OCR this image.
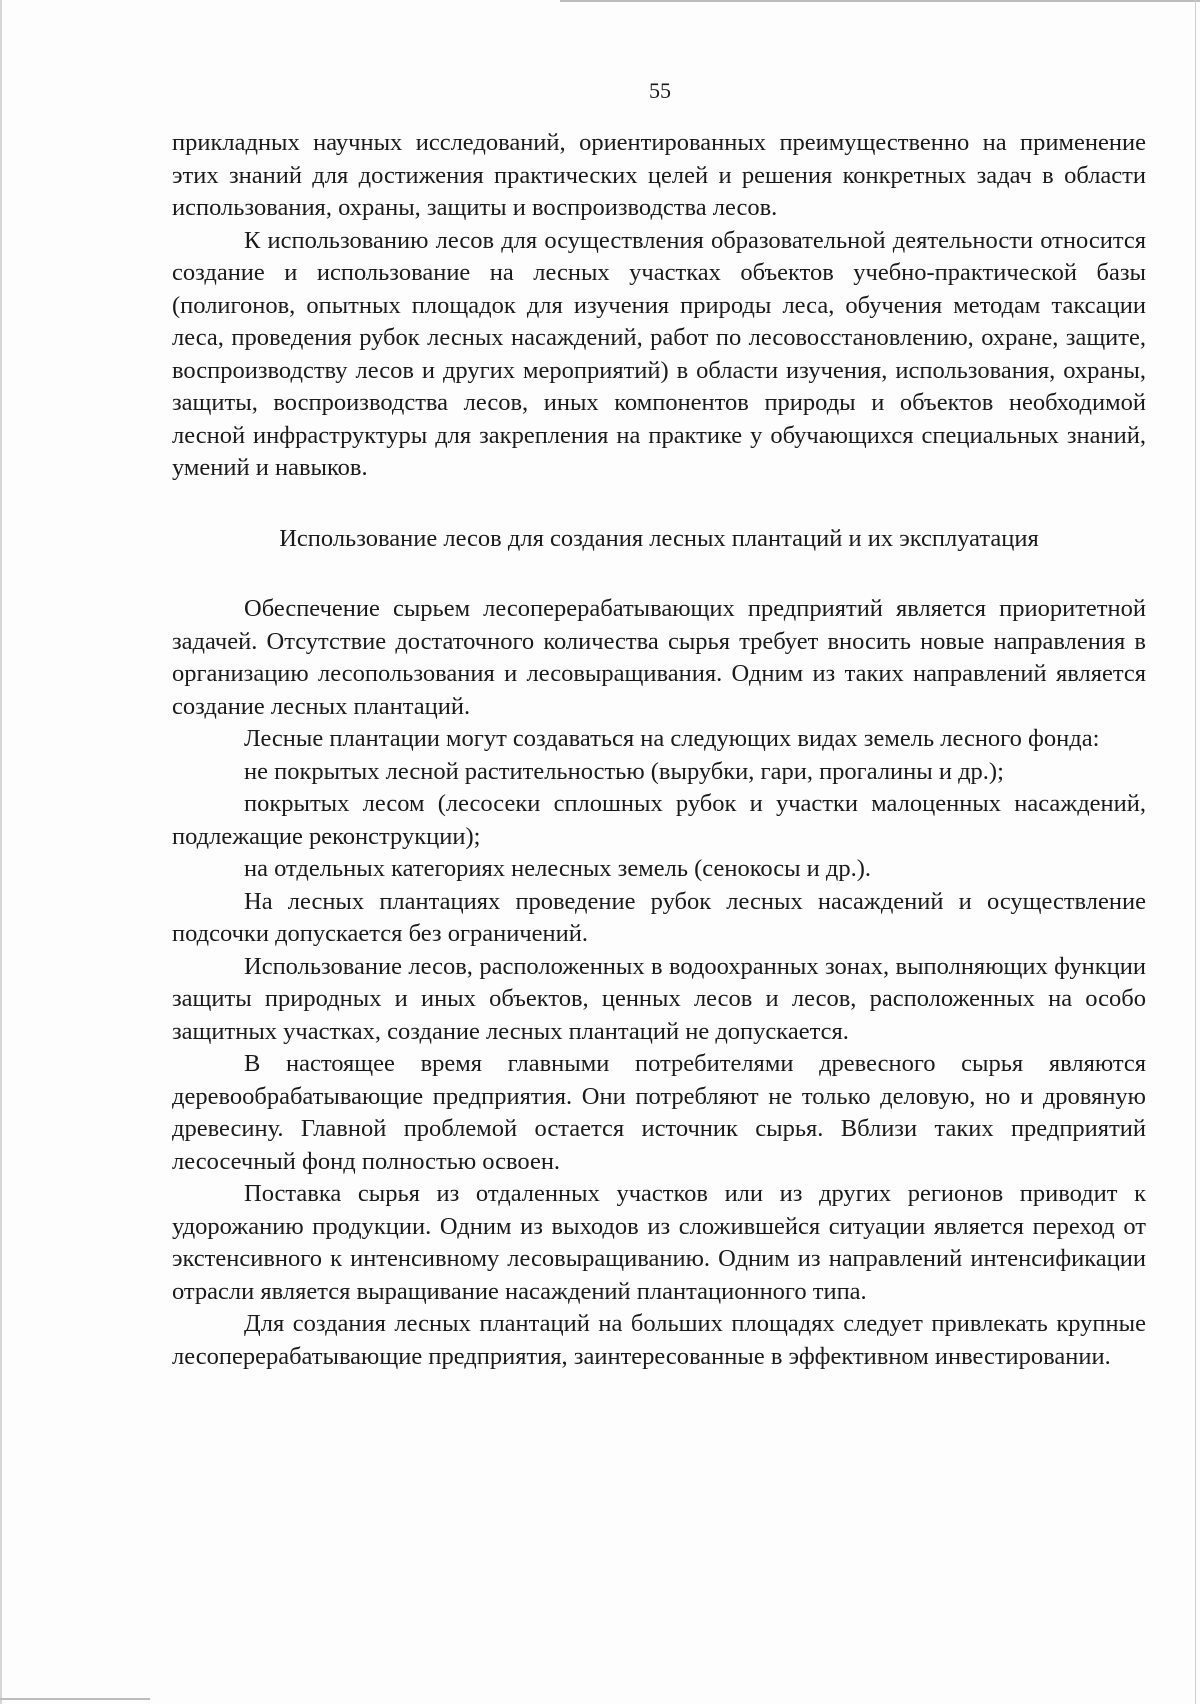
55

прикладных научных исследований, ориентированных преимущественно на применение этих знаний для достижения практических целей и решения конкретных задач в области использования, охраны, защиты и воспроизводства лесов.

К использованию лесов для осуществления образовательной деятельности относится создание и использование на лесных участках объектов учебно-практической базы (полигонов, опытных площадок для изучения природы леса, обучения методам таксации леса, проведения рубок лесных насаждений, работ по лесовосстановлению, охране, защите, воспроизводству лесов и других мероприятий) в области изучения, использования, охраны, защиты, воспроизводства лесов, иных компонентов природы и объектов необходимой лесной инфраструктуры для закрепления на практике у обучающихся специальных знаний, умений и навыков.

Использование лесов для создания лесных плантаций и их эксплуатация

Обеспечение сырьем лесоперерабатывающих предприятий является приоритетной задачей. Отсутствие достаточного количества сырья требует вносить новые направления в организацию лесопользования и лесовыращивания. Одним из таких направлений является создание лесных плантаций.

Лесные плантации могут создаваться на следующих видах земель лесного фонда:

не покрытых лесной растительностью (вырубки, гари, прогалины и др.);

покрытых лесом (лесосеки сплошных рубок и участки малоценных насаждений, подлежащие реконструкции);

на отдельных категориях нелесных земель (сенокосы и др.).

На лесных плантациях проведение рубок лесных насаждений и осуществление подсочки допускается без ограничений.

Использование лесов, расположенных в водоохранных зонах, выполняющих функции защиты природных и иных объектов, ценных лесов и лесов, расположенных на особо защитных участках, создание лесных плантаций не допускается.

В настоящее время главными потребителями древесного сырья являются деревообрабатывающие предприятия. Они потребляют не только деловую, но и дровяную древесину. Главной проблемой остается источник сырья. Вблизи таких предприятий лесосечный фонд полностью освоен.

Поставка сырья из отдаленных участков или из других регионов приводит к удорожанию продукции. Одним из выходов из сложившейся ситуации является переход от экстенсивного к интенсивному лесовыращиванию. Одним из направлений интенсификации отрасли является выращивание насаждений плантационного типа.

Для создания лесных плантаций на больших площадях следует привлекать крупные лесоперерабатывающие предприятия, заинтересованные в эффективном инвестировании.
